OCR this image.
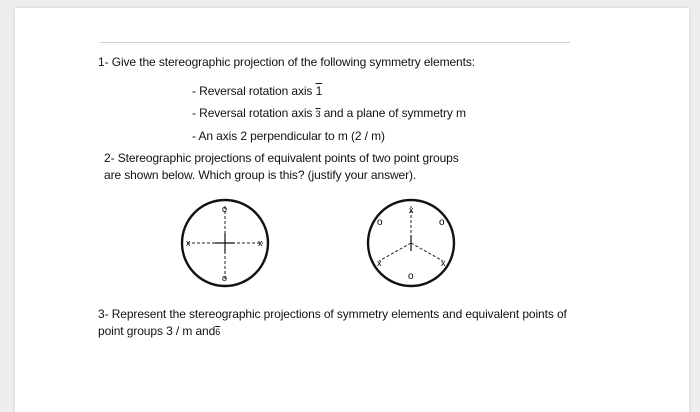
1- Give the stereographic projection of the following symmetry elements:
- Reversal rotation axis 1
- Reversal rotation axis 3 and a plane of symmetry m
- An axis 2 perpendicular to m (2 / m)
2- Stereographic projections of equivalent points of two point groups
are shown below. Which group is this? (justify your answer).
x	x
o
o
x
x	x
o	o
o
3- Represent the stereographic projections of symmetry elements and equivalent points of
point groups 3 / m and6
